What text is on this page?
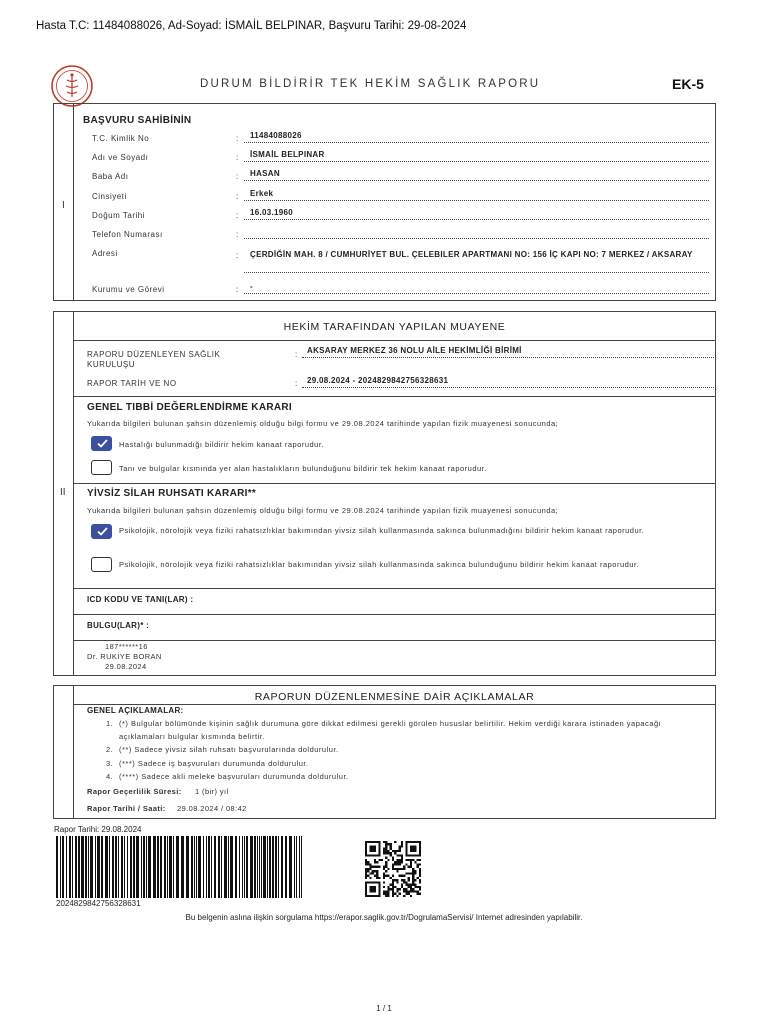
Hasta T.C: 11484088026, Ad-Soyad: İSMAİL BELPINAR, Başvuru Tarihi: 29-08-2024
DURUM BİLDİRİR TEK HEKİM SAĞLIK RAPORU	EK-5
I
BAŞVURU SAHİBİNİN
T.C. Kimlik No	: 11484088026
Adı ve Soyadı	: İSMAİL BELPINAR
Baba Adı	: HASAN
Cinsiyeti	: Erkek
Doğum Tarihi	: 16.03.1960
Telefon Numarası	:
Adresi	: ÇERDİĞİN MAH. 8 / CUMHURİYET BUL. ÇELEBILER APARTMANI NO: 156 İÇ KAPI NO: 7 MERKEZ / AKSARAY
Kurumu ve Görevi	: -
II
HEKİM TARAFINDAN YAPILAN MUAYENE
RAPORU DÜZENLEYEN SAĞLIK KURULUŞU
: AKSARAY MERKEZ 36 NOLU AİLE HEKİMLİĞİ BİRİMİ
RAPOR TARİH VE NO	: 29.08.2024 - 2024829842756328631
GENEL TIBBİ DEĞERLENDİRME KARARI
Yukarıda bilgileri bulunan şahsın düzenlemiş olduğu bilgi formu ve 29.08.2024 tarihinde yapılan fizik muayenesi sonucunda;
Hastalığı bulunmadığı bildirir hekim kanaat raporudur.
Tanı ve bulgular kısmında yer alan hastalıkların bulunduğunu bildirir tek hekim kanaat raporudur.
YİVSİZ SİLAH RUHSATI KARARI**
Yukarıda bilgileri bulunan şahsın düzenlemiş olduğu bilgi formu ve 29.08.2024 tarihinde yapılan fizik muayenesi sonucunda;
Psikolojik, nörolojik veya fiziki rahatsızlıklar bakımından yivsiz silah kullanmasında sakınca bulunmadığını bildirir hekim kanaat raporudur.
Psikolojik, nörolojik veya fiziki rahatsızlıklar bakımından yivsiz silah kullanmasında sakınca bulunduğunu bildirir hekim kanaat raporudur.
ICD KODU VE TANI(LAR) :
BULGU(LAR)* :
187******16
Dr. RUKİYE BORAN
29.08.2024
RAPORUN DÜZENLENMESİNE DAİR AÇIKLAMALAR
GENEL AÇIKLAMALAR:
1. (*) Bulgular bölümünde kişinin sağlık durumuna göre dikkat edilmesi gerekli görülen hususlar belirtilir. Hekim verdiği karara istinaden yapacağı açıklamaları bulgular kısmında belirtir.
2. (**) Sadece yivsiz silah ruhsatı başvurularında doldurulur.
3. (***) Sadece iş başvuruları durumunda doldurulur.
4. (****) Sadece akli meleke başvuruları durumunda doldurulur.
Rapor Geçerlilik Süresi: 1 (bir) yıl
Rapor Tarihi / Saati: 29.08.2024 / 08:42
Rapor Tarihi: 29.08.2024
2024829842756328631
Bu belgenin aslına ilişkin sorgulama https://erapor.saglik.gov.tr/DogrulamaServisi/ Internet adresinden yapılabilir.
1 / 1
